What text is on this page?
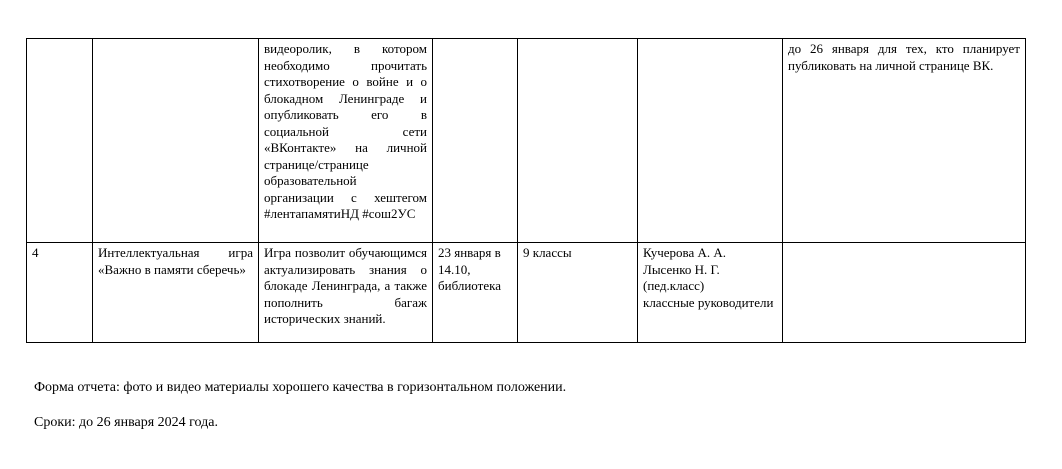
		видеоролик, в котором необходимо прочитать стихотворение о войне и о блокадном Ленинграде и опубликовать его в социальной сети «ВКонтакте» на личной странице/странице образовательной организации с хештегом #лентапамятиНД #сош2УС				до 26 января для тех, кто планирует публиковать на личной странице ВК.
4	Интеллектуальная игра «Важно в памяти сберечь»	Игра позволит обучающимся актуализировать знания о блокаде Ленинграда, а также пополнить багаж исторических знаний.	23 января в 14.10, библиотека	9 классы	Кучерова А. А.
Лысенко Н. Г.
(пед.класс)
классные руководители	

Форма отчета: фото и видео материалы хорошего качества в горизонтальном положении.
Сроки: до 26 января 2024 года.
